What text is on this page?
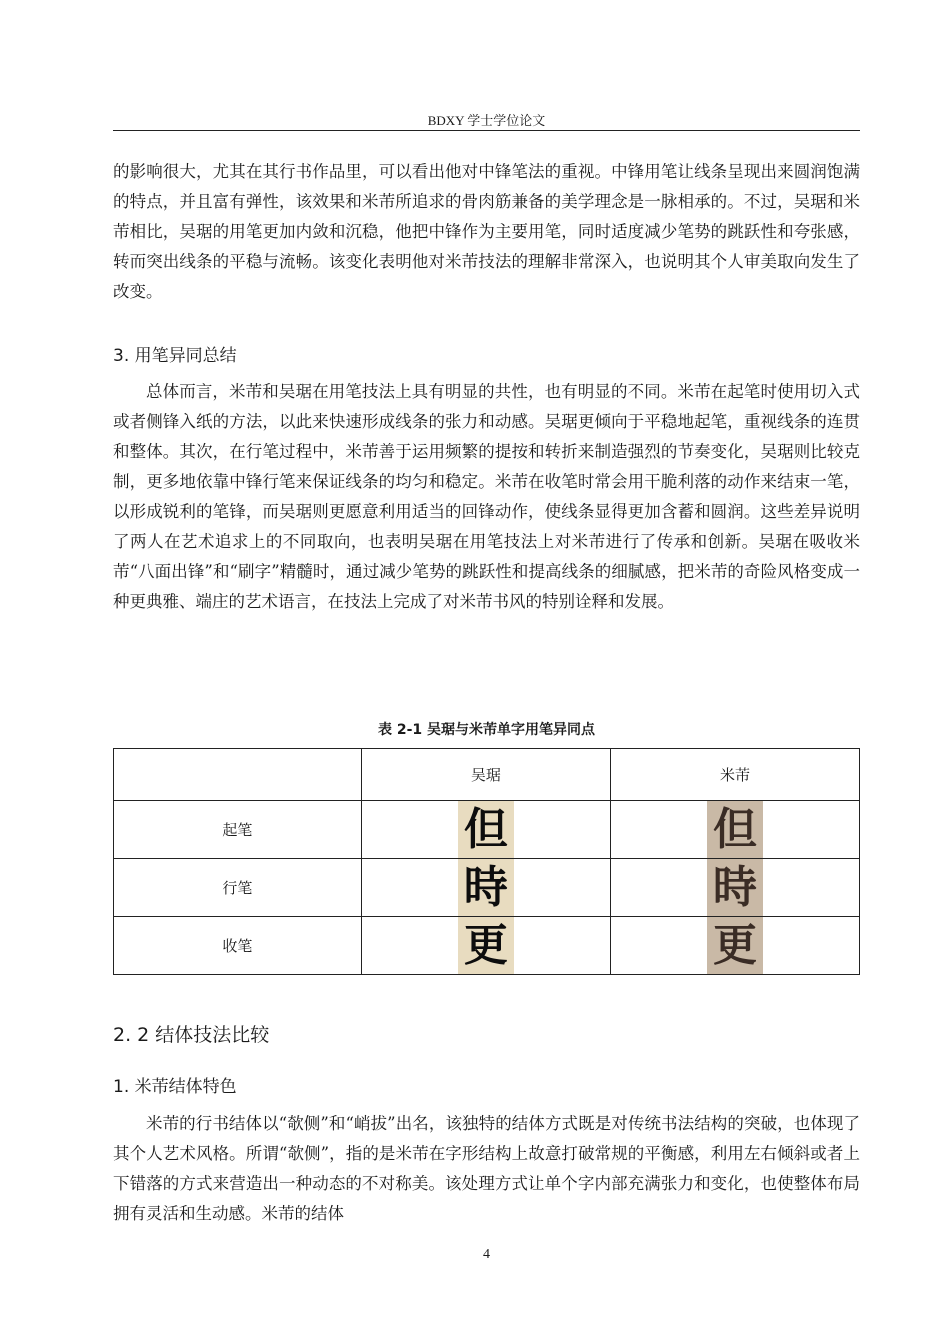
BDXY 学士学位论文

的影响很大，尤其在其行书作品里，可以看出他对中锋笔法的重视。中锋用笔让线条呈现出来圆润饱满的特点，并且富有弹性，该效果和米芾所追求的骨肉筋兼备的美学理念是一脉相承的。不过，吴琚和米芾相比，吴琚的用笔更加内敛和沉稳，他把中锋作为主要用笔，同时适度减少笔势的跳跃性和夸张感，转而突出线条的平稳与流畅。该变化表明他对米芾技法的理解非常深入，也说明其个人审美取向发生了改变。

3. 用笔异同总结

总体而言，米芾和吴琚在用笔技法上具有明显的共性，也有明显的不同。米芾在起笔时使用切入式或者侧锋入纸的方法，以此来快速形成线条的张力和动感。吴琚更倾向于平稳地起笔，重视线条的连贯和整体。其次，在行笔过程中，米芾善于运用频繁的提按和转折来制造强烈的节奏变化，吴琚则比较克制，更多地依靠中锋行笔来保证线条的均匀和稳定。米芾在收笔时常会用干脆利落的动作来结束一笔，以形成锐利的笔锋，而吴琚则更愿意利用适当的回锋动作，使线条显得更加含蓄和圆润。这些差异说明了两人在艺术追求上的不同取向，也表明吴琚在用笔技法上对米芾进行了传承和创新。吴琚在吸收米芾“八面出锋”和“刷字”精髓时，通过减少笔势的跳跃性和提高线条的细腻感，把米芾的奇险风格变成一种更典雅、端庄的艺术语言，在技法上完成了对米芾书风的特别诠释和发展。

表 2-1 吴琚与米芾单字用笔异同点
	吴琚	米芾
起笔	但	但
行笔	時	時
收笔	更	更
2. 2 结体技法比较
1. 米芾结体特色

米芾的行书结体以“欹侧”和“峭拔”出名，该独特的结体方式既是对传统书法结构的突破，也体现了其个人艺术风格。所谓“欹侧”，指的是米芾在字形结构上故意打破常规的平衡感，利用左右倾斜或者上下错落的方式来营造出一种动态的不对称美。该处理方式让单个字内部充满张力和变化，也使整体布局拥有灵活和生动感。米芾的结体

4
